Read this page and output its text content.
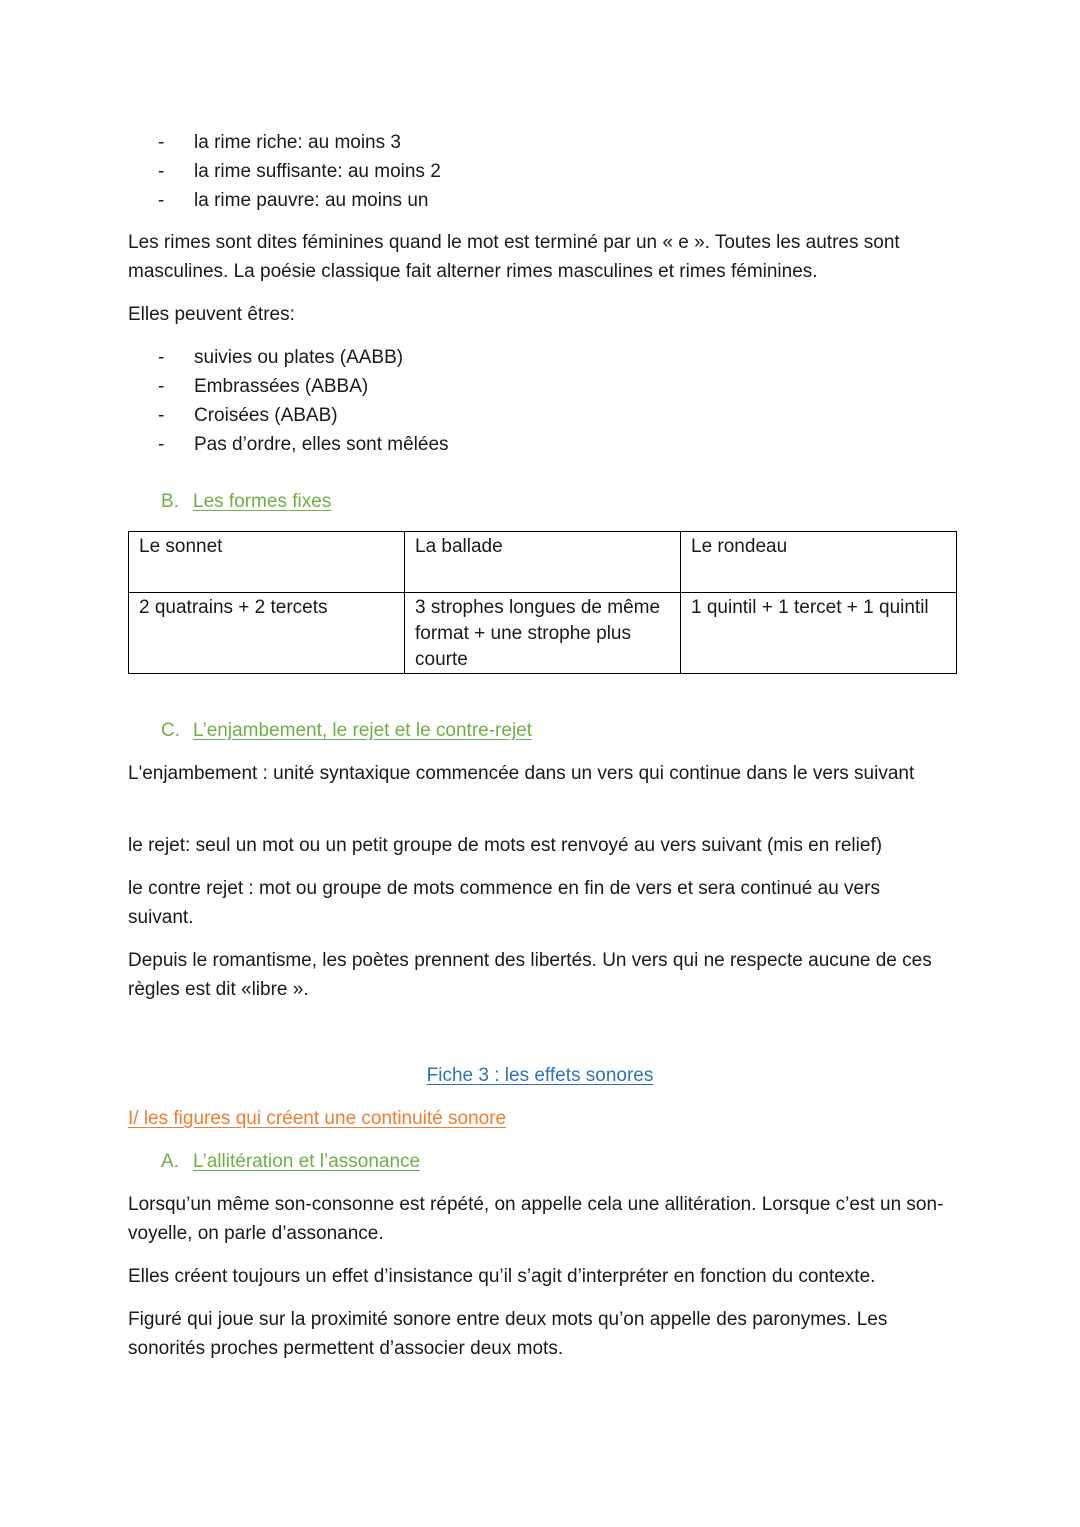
- la rime riche: au moins 3
- la rime suffisante: au moins 2
- la rime pauvre: au moins un

Les rimes sont dites féminines quand le mot est terminé par un « e ». Toutes les autres sont masculines. La poésie classique fait alterner rimes masculines et rimes féminines.

Elles peuvent êtres:

- suivies ou plates (AABB)
- Embrassées (ABBA)
- Croisées (ABAB)
- Pas d’ordre, elles sont mêlées
B. Les formes fixes
Le sonnet	La ballade	Le rondeau
2 quatrains + 2 tercets	3 strophes longues de même format + une strophe plus courte	1 quintil + 1 tercet + 1 quintil
C. L’enjambement, le rejet et le contre-rejet

L'enjambement : unité syntaxique commencée dans un vers qui continue dans le vers suivant

le rejet: seul un mot ou un petit groupe de mots est renvoyé au vers suivant (mis en relief)

le contre rejet : mot ou groupe de mots commence en fin de vers et sera continué au vers suivant.

Depuis le romantisme, les poètes prennent des libertés. Un vers qui ne respecte aucune de ces règles est dit «libre ».

Fiche 3 : les effets sonores
I/ les figures qui créent une continuité sonore
A. L’allitération et l’assonance

Lorsqu’un même son-consonne est répété, on appelle cela une allitération. Lorsque c’est un son-voyelle, on parle d’assonance.

Elles créent toujours un effet d’insistance qu’il s’agit d’interpréter en fonction du contexte.

Figuré qui joue sur la proximité sonore entre deux mots qu’on appelle des paronymes. Les sonorités proches permettent d’associer deux mots.
